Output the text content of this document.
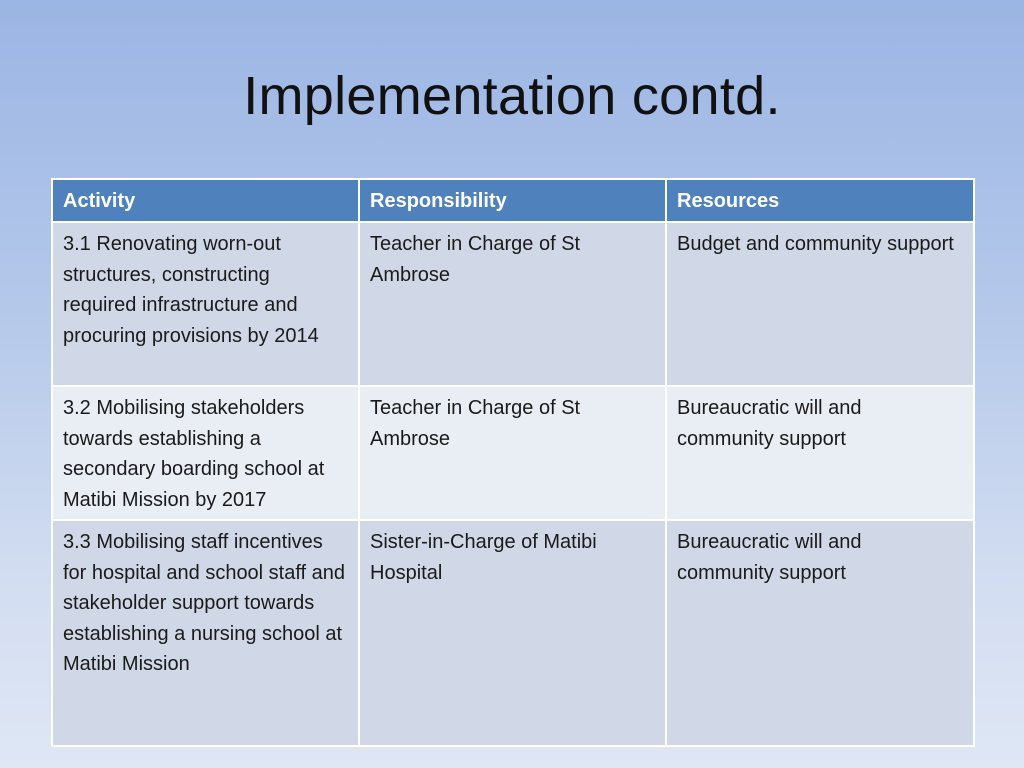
Implementation contd.
Activity	Responsibility	Resources
3.1 Renovating worn-out structures, constructing required infrastructure and procuring provisions by 2014	Teacher in Charge of St Ambrose	Budget and community support
3.2 Mobilising stakeholders towards establishing a secondary boarding school at Matibi Mission by 2017	Teacher in Charge of St Ambrose	Bureaucratic will and community support
3.3 Mobilising staff incentives for hospital and school staff and stakeholder support towards establishing a nursing school at Matibi Mission	Sister-in-Charge of Matibi Hospital	Bureaucratic will and community support
